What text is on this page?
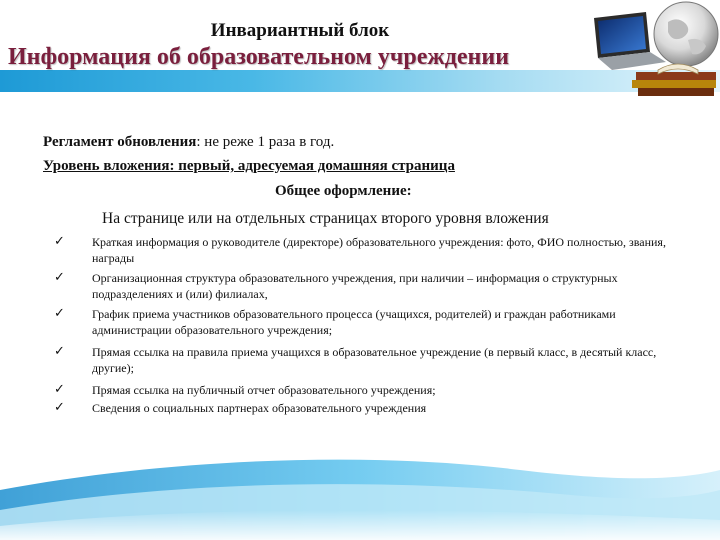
Инвариантный блок
Информация об образовательном учреждении
Регламент обновления: не реже 1 раза в год.
Уровень вложения: первый, адресуемая домашняя страница
Общее оформление:
На странице или на отдельных страницах второго уровня вложения
✓ Краткая информация о руководителе (директоре) образовательного учреждения: фото, ФИО полностью, звания, награды
✓ Организационная структура образовательного учреждения, при наличии – информация о структурных подразделениях и (или) филиалах,
✓ График приема участников образовательного процесса (учащихся, родителей) и граждан работниками администрации образовательного учреждения;
✓ Прямая ссылка на правила приема учащихся в образовательное учреждение (в первый класс, в десятый класс, другие);
✓ Прямая ссылка на публичный отчет образовательного учреждения;
✓ Сведения о социальных партнерах образовательного учреждения
